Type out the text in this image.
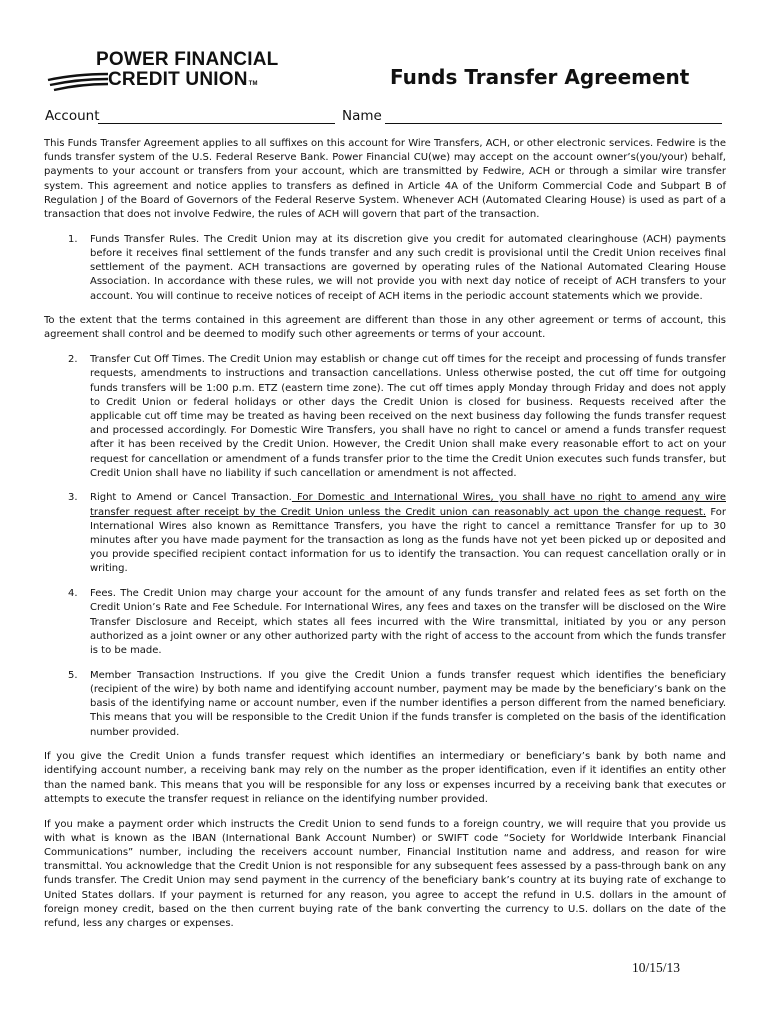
POWER FINANCIAL
CREDIT UNIONTM	Funds Transfer Agreement
Account	Name

This Funds Transfer Agreement applies to all suffixes on this account for Wire Transfers, ACH, or other electronic services. Fedwire is the funds transfer system of the U.S. Federal Reserve Bank. Power Financial CU(we) may accept on the account owner’s(you/your) behalf, payments to your account or transfers from your account, which are transmitted by Fedwire, ACH or through a similar wire transfer system. This agreement and notice applies to transfers as defined in Article 4A of the Uniform Commercial Code and Subpart B of Regulation J of the Board of Governors of the Federal Reserve System. Whenever ACH (Automated Clearing House) is used as part of a transaction that does not involve Fedwire, the rules of ACH will govern that part of the transaction.

1. Funds Transfer Rules. The Credit Union may at its discretion give you credit for automated clearinghouse (ACH) payments before it receives final settlement of the funds transfer and any such credit is provisional until the Credit Union receives final settlement of the payment. ACH transactions are governed by operating rules of the National Automated Clearing House Association. In accordance with these rules, we will not provide you with next day notice of receipt of ACH transfers to your account. You will continue to receive notices of receipt of ACH items in the periodic account statements which we provide.

To the extent that the terms contained in this agreement are different than those in any other agreement or terms of account, this agreement shall control and be deemed to modify such other agreements or terms of your account.

2. Transfer Cut Off Times. The Credit Union may establish or change cut off times for the receipt and processing of funds transfer requests, amendments to instructions and transaction cancellations. Unless otherwise posted, the cut off time for outgoing funds transfers will be 1:00 p.m. ETZ (eastern time zone). The cut off times apply Monday through Friday and does not apply to Credit Union or federal holidays or other days the Credit Union is closed for business. Requests received after the applicable cut off time may be treated as having been received on the next business day following the funds transfer request and processed accordingly. For Domestic Wire Transfers, you shall have no right to cancel or amend a funds transfer request after it has been received by the Credit Union. However, the Credit Union shall make every reasonable effort to act on your request for cancellation or amendment of a funds transfer prior to the time the Credit Union executes such funds transfer, but Credit Union shall have no liability if such cancellation or amendment is not affected.
3. Right to Amend or Cancel Transaction. For Domestic and International Wires, you shall have no right to amend any wire transfer request after receipt by the Credit Union unless the Credit union can reasonably act upon the change request. For International Wires also known as Remittance Transfers, you have the right to cancel a remittance Transfer for up to 30 minutes after you have made payment for the transaction as long as the funds have not yet been picked up or deposited and you provide specified recipient contact information for us to identify the transaction. You can request cancellation orally or in writing.
4. Fees. The Credit Union may charge your account for the amount of any funds transfer and related fees as set forth on the Credit Union’s Rate and Fee Schedule. For International Wires, any fees and taxes on the transfer will be disclosed on the Wire Transfer Disclosure and Receipt, which states all fees incurred with the Wire transmittal, initiated by you or any person authorized as a joint owner or any other authorized party with the right of access to the account from which the funds transfer is to be made.
5. Member Transaction Instructions. If you give the Credit Union a funds transfer request which identifies the beneficiary (recipient of the wire) by both name and identifying account number, payment may be made by the beneficiary’s bank on the basis of the identifying name or account number, even if the number identifies a person different from the named beneficiary. This means that you will be responsible to the Credit Union if the funds transfer is completed on the basis of the identification number provided.

If you give the Credit Union a funds transfer request which identifies an intermediary or beneficiary’s bank by both name and identifying account number, a receiving bank may rely on the number as the proper identification, even if it identifies an entity other than the named bank. This means that you will be responsible for any loss or expenses incurred by a receiving bank that executes or attempts to execute the transfer request in reliance on the identifying number provided.

If you make a payment order which instructs the Credit Union to send funds to a foreign country, we will require that you provide us with what is known as the IBAN (International Bank Account Number) or SWIFT code “Society for Worldwide Interbank Financial Communications” number, including the receivers account number, Financial Institution name and address, and reason for wire transmittal. You acknowledge that the Credit Union is not responsible for any subsequent fees assessed by a pass-through bank on any funds transfer. The Credit Union may send payment in the currency of the beneficiary bank’s country at its buying rate of exchange to United States dollars. If your payment is returned for any reason, you agree to accept the refund in U.S. dollars in the amount of foreign money credit, based on the then current buying rate of the bank converting the currency to U.S. dollars on the date of the refund, less any charges or expenses.

10/15/13
